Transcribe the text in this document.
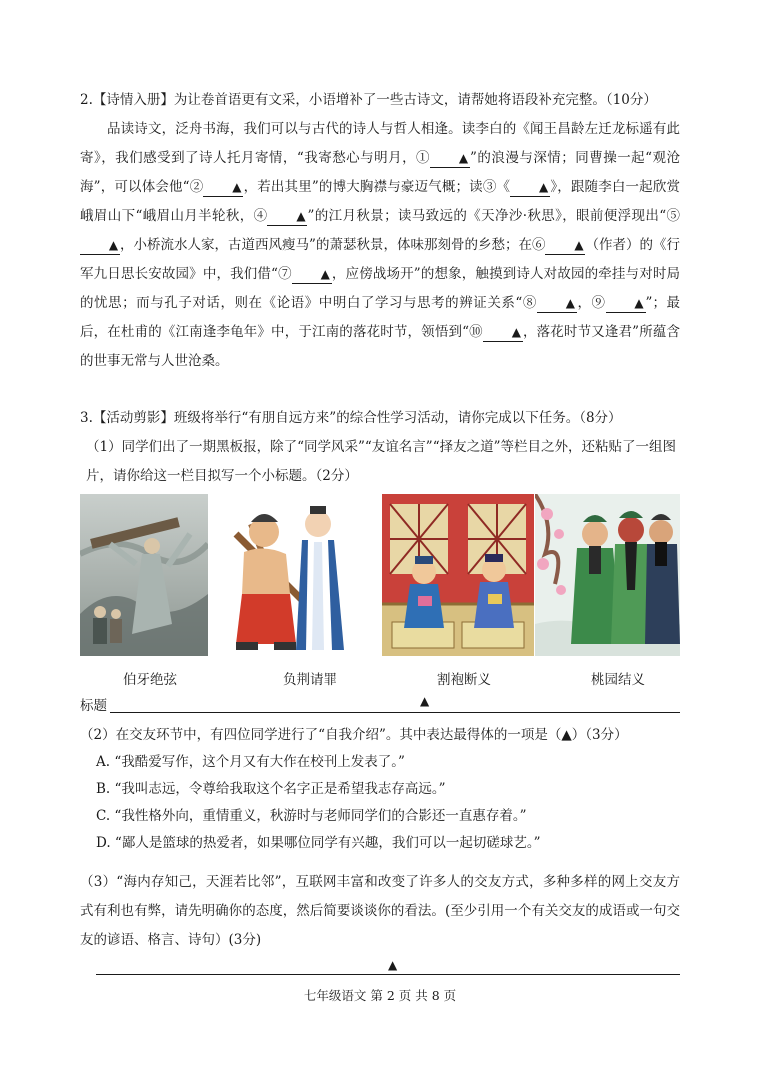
2.【诗情入册】为让卷首语更有文采，小语增补了一些古诗文，请帮她将语段补充完整。（10分）

品读诗文，泛舟书海，我们可以与古代的诗人与哲人相逢。读李白的《闻王昌龄左迁龙标遥有此寄》，我们感受到了诗人托月寄情，“我寄愁心与明月，① ▲ ”的浪漫与深情；同曹操一起“观沧海”，可以体会他“② ▲ ，若出其里”的博大胸襟与豪迈气概；读③《 ▲ 》，跟随李白一起欣赏峨眉山下“峨眉山月半轮秋，④ ▲ ”的江月秋景；读马致远的《天净沙·秋思》，眼前便浮现出“⑤▲ ，小桥流水人家，古道西风瘦马”的萧瑟秋景，体味那刻骨的乡愁；在⑥ ▲ （作者）的《行军九日思长安故园》中，我们借“⑦ ▲ ，应傍战场开”的想象，触摸到诗人对故园的牵挂与对时局的忧思；而与孔子对话，则在《论语》中明白了学习与思考的辨证关系“⑧ ▲ ，⑨ ▲ ”；最后，在杜甫的《江南逢李龟年》中，于江南的落花时节，领悟到“⑩ ▲ ，落花时节又逢君”所蕴含的世事无常与人世沧桑。

3.【活动剪影】班级将举行“有朋自远方来”的综合性学习活动，请你完成以下任务。（8分）

（1）同学们出了一期黑板报，除了“同学风采”“友谊名言”“择友之道”等栏目之外，还粘贴了一组图片，请你给这一栏目拟写一个小标题。（2分）

伯牙绝弦	负荆请罪	割袍断义	桃园结义
标题	▲

（2）在交友环节中，有四位同学进行了“自我介绍”。其中表达最得体的一项是（▲）（3分）

A. “我酷爱写作，这个月又有大作在校刊上发表了。”

B. “我叫志远，令尊给我取这个名字正是希望我志存高远。”

C. “我性格外向，重情重义，秋游时与老师同学们的合影还一直惠存着。”

D. “鄙人是篮球的热爱者，如果哪位同学有兴趣，我们可以一起切磋球艺。”

（3）“海内存知己，天涯若比邻”，互联网丰富和改变了许多人的交友方式，多种多样的网上交友方式有利也有弊，请先明确你的态度，然后简要谈谈你的看法。(至少引用一个有关交友的成语或一句交友的谚语、格言、诗句）(3分)

▲
七年级语文 第 2 页 共 8 页
